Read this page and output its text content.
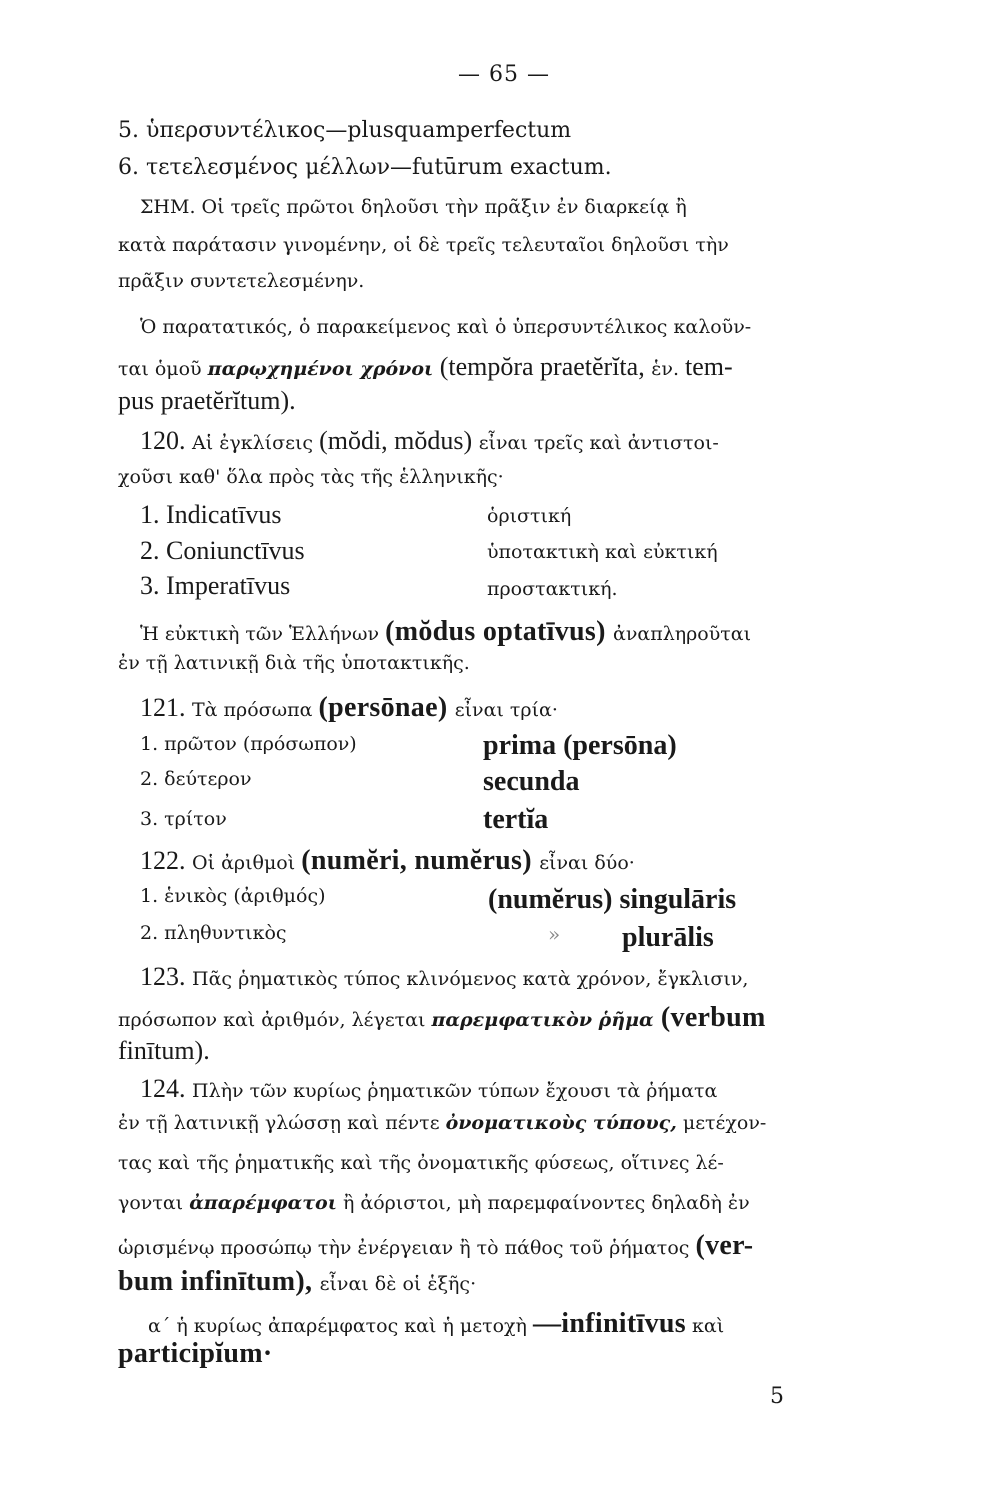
— 65 —
5. ὑπερσυντέλικος—plusquamperfectum
6. τετελεσμένος μέλλων—futūrum exactum.
ΣΗΜ. Οἱ τρεῖς πρῶτοι δηλοῦσι τὴν πρᾶξιν ἐν διαρκείᾳ ἢ
κατὰ παράτασιν γινομένην, οἱ δὲ τρεῖς τελευταῖοι δηλοῦσι τὴν
πρᾶξιν συντετελεσμένην.
Ὁ παρατατικός, ὁ παρακείμενος καὶ ὁ ὑπερσυντέλικος καλοῦν-
ται ὁμοῦ παρῳχημένοι χρόνοι (tempŏra praetĕrĭta, ἑν. tem-
pus praetĕrĭtum).
120. Αἱ ἐγκλίσεις (mŏdi, mŏdus) εἶναι τρεῖς καὶ ἀντιστοι-
χοῦσι καθ' ὅλα πρὸς τὰς τῆς ἑλληνικῆς·
1. Indicatīvus	ὁριστική
2. Coniunctīvus	ὑποτακτικὴ καὶ εὐκτική
3. Imperatīvus	προστακτική.
Ἡ εὐκτικὴ τῶν Ἑλλήνων (mŏdus optatīvus) ἀναπληροῦται
ἐν τῇ λατινικῇ διὰ τῆς ὑποτακτικῆς.
121. Τὰ πρόσωπα (persōnae) εἶναι τρία·
1. πρῶτον (πρόσωπον)	prima (persōna)
2. δεύτερον	secunda
3. τρίτον	tertĭa
122. Οἱ ἀριθμοὶ (numĕri, numĕrus) εἶναι δύο·
1. ἑνικὸς (ἀριθμός)	(numĕrus) singulāris
2. πληθυντικὸς	» plurālis
123. Πᾶς ῥηματικὸς τύπος κλινόμενος κατὰ χρόνον, ἔγκλισιν,
πρόσωπον καὶ ἀριθμόν, λέγεται παρεμφατικὸν ῥῆμα (verbum
finītum).
124. Πλὴν τῶν κυρίως ῥηματικῶν τύπων ἔχουσι τὰ ῥήματα
ἐν τῇ λατινικῇ γλώσσῃ καὶ πέντε ὀνοματικοὺς τύπους, μετέχον-
τας καὶ τῆς ῥηματικῆς καὶ τῆς ὀνοματικῆς φύσεως, οἵτινες λέ-
γονται ἀπαρέμφατοι ἢ ἀόριστοι, μὴ παρεμφαίνοντες δηλαδὴ ἐν
ὡρισμένῳ προσώπῳ τὴν ἐνέργειαν ἢ τὸ πάθος τοῦ ῥήματος (ver-
bum infinītum), εἶναι δὲ οἱ ἑξῆς·
α΄ ἡ κυρίως ἀπαρέμφατος καὶ ἡ μετοχὴ —infinitīvus καὶ
participĭum·
5
